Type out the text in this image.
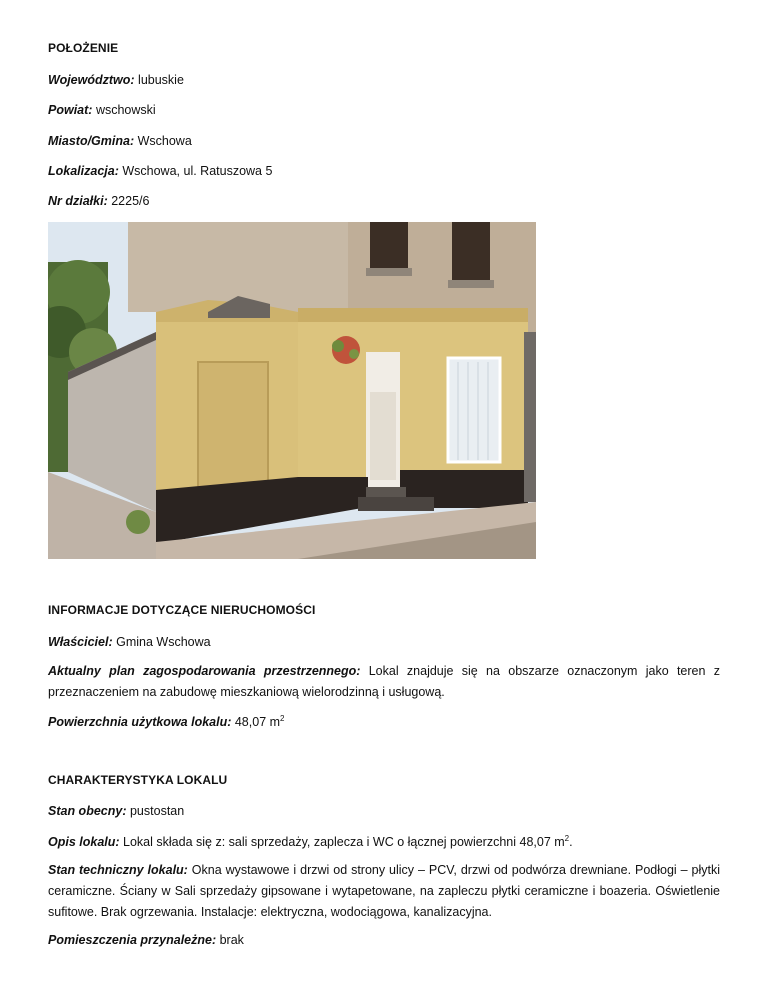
POŁOŻENIE
Województwo: lubuskie
Powiat: wschowski
Miasto/Gmina: Wschowa
Lokalizacja: Wschowa, ul. Ratuszowa 5
Nr działki: 2225/6
INFORMACJE DOTYCZĄCE NIERUCHOMOŚCI
Właściciel: Gmina Wschowa
Aktualny plan zagospodarowania przestrzennego: Lokal znajduje się na obszarze oznaczonym jako teren z przeznaczeniem na zabudowę mieszkaniową wielorodzinną i usługową.
Powierzchnia użytkowa lokalu: 48,07 $m^2$
CHARAKTERYSTYKA LOKALU
Stan obecny: pustostan
Opis lokalu: Lokal składa się z: sali sprzedaży, zaplecza i WC o łącznej powierzchni 48,07 $m^2$.
Stan techniczny lokalu: Okna wystawowe i drzwi od strony ulicy – PCV, drzwi od podwórza drewniane. Podłogi – płytki ceramiczne. Ściany w Sali sprzedaży gipsowane i wytapetowane, na zapleczu płytki ceramiczne i boazeria. Oświetlenie sufitowe. Brak ogrzewania. Instalacje: elektryczna, wodociągowa, kanalizacyjna.
Pomieszczenia przynależne: brak
